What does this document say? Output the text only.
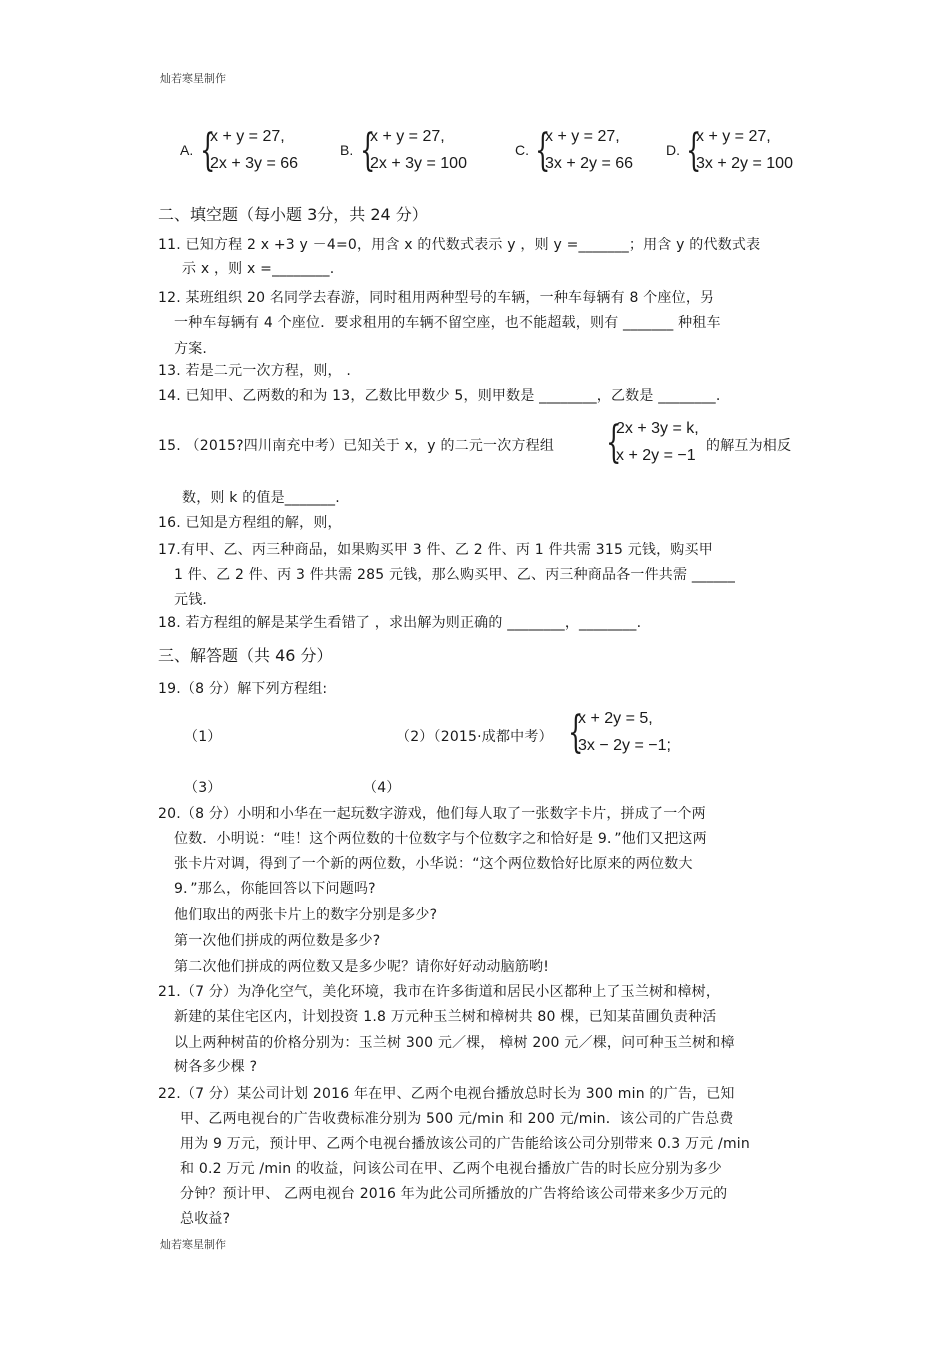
灿若寒星制作
A. {
x + y = 27,
2x + 3y = 66
B. {
x + y = 27,
2x + 3y = 100
C. {
x + y = 27,
3x + 2y = 66
D. {
x + y = 27,
3x + 2y = 100
二、填空题（每小题 3分，共 24 分）
11. 已知方程 2 x +3 y －4=0，用含 x 的代数式表示 y ，则 y =_______；用含 y 的代数式表
示 x ，则 x =________.
12. 某班组织 20 名同学去春游，同时租用两种型号的车辆，一种车每辆有 8 个座位，另
一种车每辆有 4 个座位．要求租用的车辆不留空座，也不能超载，则有 _______ 种租车
方案.
13. 若是二元一次方程，则， .
14. 已知甲、乙两数的和为 13，乙数比甲数少 5，则甲数是 ________，乙数是 ________.
15. （2015?四川南充中考）已知关于 x，y 的二元一次方程组 {
2x + 3y = k,
x + 2y = −1
的解互为相反
数，则 k 的值是_______.
16. 已知是方程组的解，则，
17.有甲、乙、丙三种商品，如果购买甲 3 件、乙 2 件、丙 1 件共需 315 元钱，购买甲
1 件、乙 2 件、丙 3 件共需 285 元钱，那么购买甲、乙、丙三种商品各一件共需 ______
元钱.
18. 若方程组的解是某学生看错了 ，求出解为则正确的 ________，________.
三、解答题（共 46 分）
19.（8 分）解下列方程组:
（1）	（2）（2015·成都中考） {
x + 2y = 5,
3x − 2y = −1;
（3）	（4）
20.（8 分）小明和小华在一起玩数字游戏，他们每人取了一张数字卡片，拼成了一个两
位数．小明说：“哇！这个两位数的十位数字与个位数字之和恰好是 9．”他们又把这两
张卡片对调，得到了一个新的两位数，小华说：“这个两位数恰好比原来的两位数大
9．”那么，你能回答以下问题吗?
他们取出的两张卡片上的数字分别是多少?
第一次他们拼成的两位数是多少?
第二次他们拼成的两位数又是多少呢？请你好好动动脑筋哟!
21.（7 分）为净化空气，美化环境，我市在许多街道和居民小区都种上了玉兰树和樟树，
新建的某住宅区内，计划投资 1.8 万元种玉兰树和樟树共 80 棵，已知某苗圃负责种活
以上两种树苗的价格分别为：玉兰树 300 元／棵， 樟树 200 元／棵，问可种玉兰树和樟
树各多少棵 ?
22.（7 分）某公司计划 2016 年在甲、乙两个电视台播放总时长为 300 min 的广告，已知
甲、乙两电视台的广告收费标准分别为 500 元/min 和 200 元/min．该公司的广告总费
用为 9 万元，预计甲、乙两个电视台播放该公司的广告能给该公司分别带来 0.3 万元 /min
和 0.2 万元 /min 的收益，问该公司在甲、乙两个电视台播放广告的时长应分别为多少
分钟？预计甲、 乙两电视台 2016 年为此公司所播放的广告将给该公司带来多少万元的
总收益?
灿若寒星制作
